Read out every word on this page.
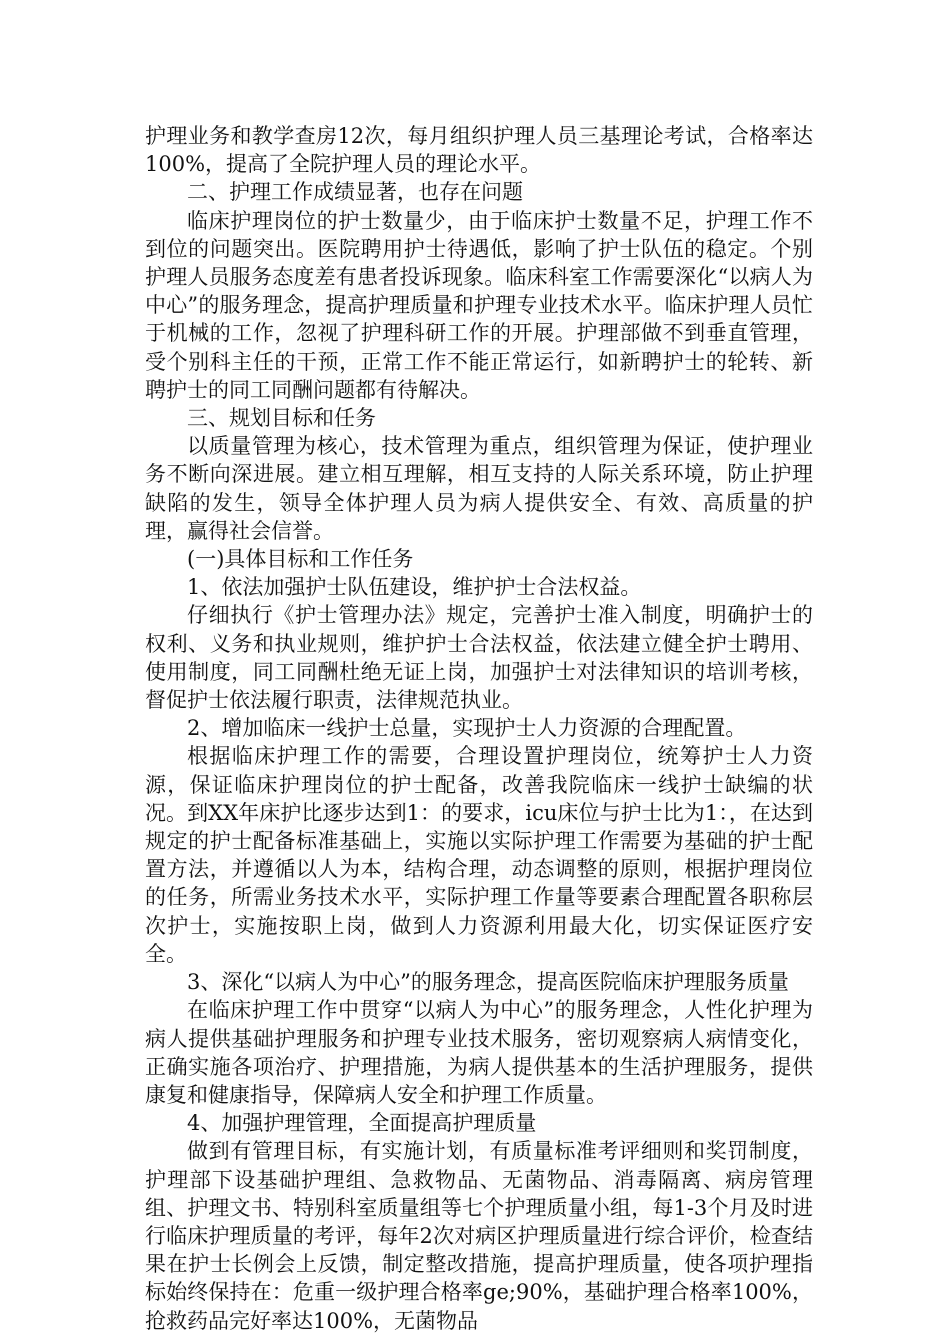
护理业务和教学查房12次，每月组织护理人员三基理论考试，合格率达100%，提高了全院护理人员的理论水平。

二、护理工作成绩显著，也存在问题

临床护理岗位的护士数量少，由于临床护士数量不足，护理工作不到位的问题突出。医院聘用护士待遇低，影响了护士队伍的稳定。个别护理人员服务态度差有患者投诉现象。临床科室工作需要深化“以病人为中心”的服务理念，提高护理质量和护理专业技术水平。临床护理人员忙于机械的工作，忽视了护理科研工作的开展。护理部做不到垂直管理，受个别科主任的干预，正常工作不能正常运行，如新聘护士的轮转、新聘护士的同工同酬问题都有待解决。

三、规划目标和任务

以质量管理为核心，技术管理为重点，组织管理为保证，使护理业务不断向深进展。建立相互理解，相互支持的人际关系环境，防止护理缺陷的发生，领导全体护理人员为病人提供安全、有效、高质量的护理，赢得社会信誉。

(一)具体目标和工作任务

1、依法加强护士队伍建设，维护护士合法权益。

仔细执行《护士管理办法》规定，完善护士准入制度，明确护士的权利、义务和执业规则，维护护士合法权益，依法建立健全护士聘用、使用制度，同工同酬杜绝无证上岗，加强护士对法律知识的培训考核，督促护士依法履行职责，法律规范执业。

2、增加临床一线护士总量，实现护士人力资源的合理配置。

根据临床护理工作的需要，合理设置护理岗位，统筹护士人力资源，保证临床护理岗位的护士配备，改善我院临床一线护士缺编的状况。到XX年床护比逐步达到1：的要求，icu床位与护士比为1：，在达到规定的护士配备标准基础上，实施以实际护理工作需要为基础的护士配置方法，并遵循以人为本，结构合理，动态调整的原则，根据护理岗位的任务，所需业务技术水平，实际护理工作量等要素合理配置各职称层次护士，实施按职上岗，做到人力资源利用最大化，切实保证医疗安全。

3、深化“以病人为中心”的服务理念，提高医院临床护理服务质量

在临床护理工作中贯穿“以病人为中心”的服务理念，人性化护理为病人提供基础护理服务和护理专业技术服务，密切观察病人病情变化，正确实施各项治疗、护理措施，为病人提供基本的生活护理服务，提供康复和健康指导，保障病人安全和护理工作质量。

4、加强护理管理，全面提高护理质量

做到有管理目标，有实施计划，有质量标准考评细则和奖罚制度，护理部下设基础护理组、急救物品、无菌物品、消毒隔离、病房管理组、护理文书、特别科室质量组等七个护理质量小组，每1-3个月及时进行临床护理质量的考评，每年2次对病区护理质量进行综合评价，检查结果在护士长例会上反馈，制定整改措施，提高护理质量，使各项护理指标始终保持在：危重一级护理合格率ge;90%，基础护理合格率100%，抢救药品完好率达100%，无菌物品
